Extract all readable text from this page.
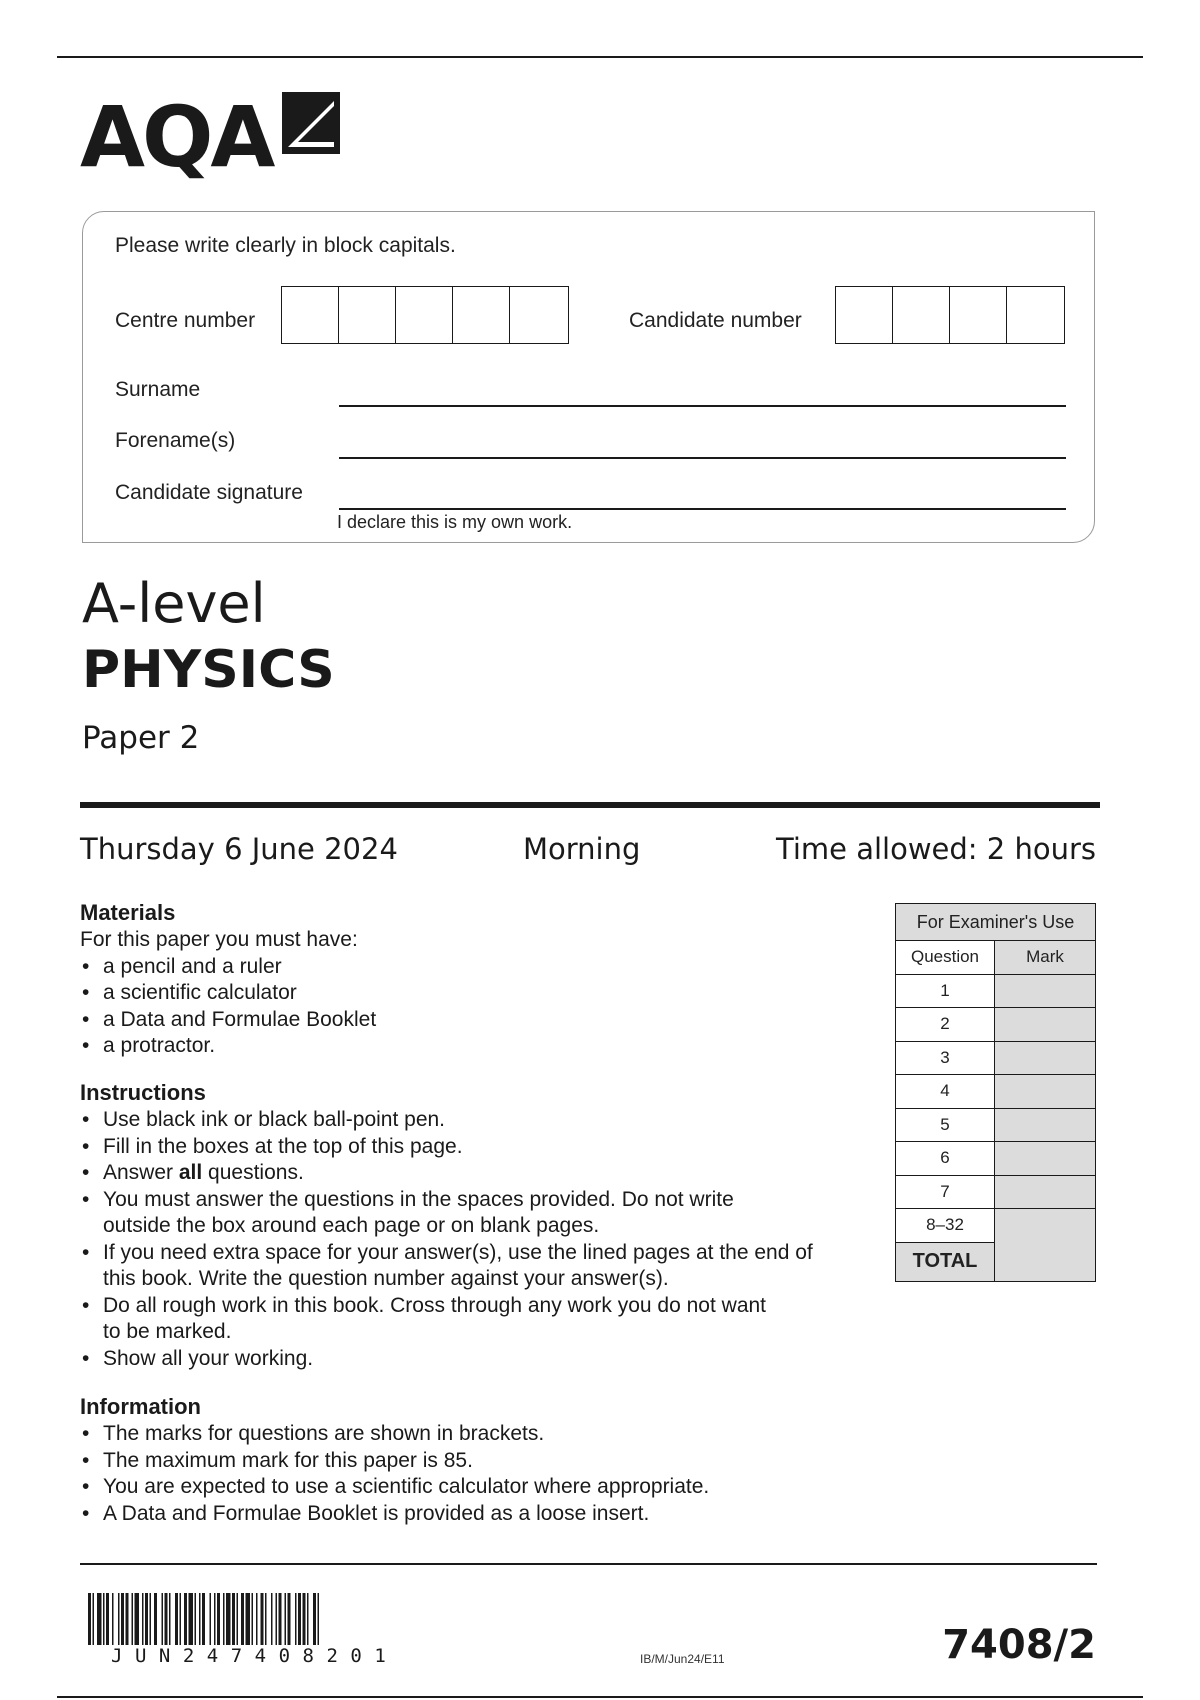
AQA
Please write clearly in block capitals.
Centre number	Candidate number
Surname
Forename(s)
Candidate signature
I declare this is my own work.
A-level
PHYSICS
Paper 2
Thursday 6 June 2024	Morning	Time allowed: 2 hours
Materials

For this paper you must have:

• a pencil and a ruler
• a scientific calculator
• a Data and Formulae Booklet
• a protractor.
Instructions
• Use black ink or black ball-point pen.
• Fill in the boxes at the top of this page.
• Answer all questions.
• You must answer the questions in the spaces provided. Do not write
outside the box around each page or on blank pages.
• If you need extra space for your answer(s), use the lined pages at the end of
this book. Write the question number against your answer(s).
• Do all rough work in this book. Cross through any work you do not want
to be marked.
• Show all your working.
Information
• The marks for questions are shown in brackets.
• The maximum mark for this paper is 85.
• You are expected to use a scientific calculator where appropriate.
• A Data and Formulae Booklet is provided as a loose insert.
For Examiner's Use	
Question	Mark
1	
2	
3	
4	
5	
6	
7	
8–32	
TOTAL	
JUN247408201	IB/M/Jun24/E11	7408/2
